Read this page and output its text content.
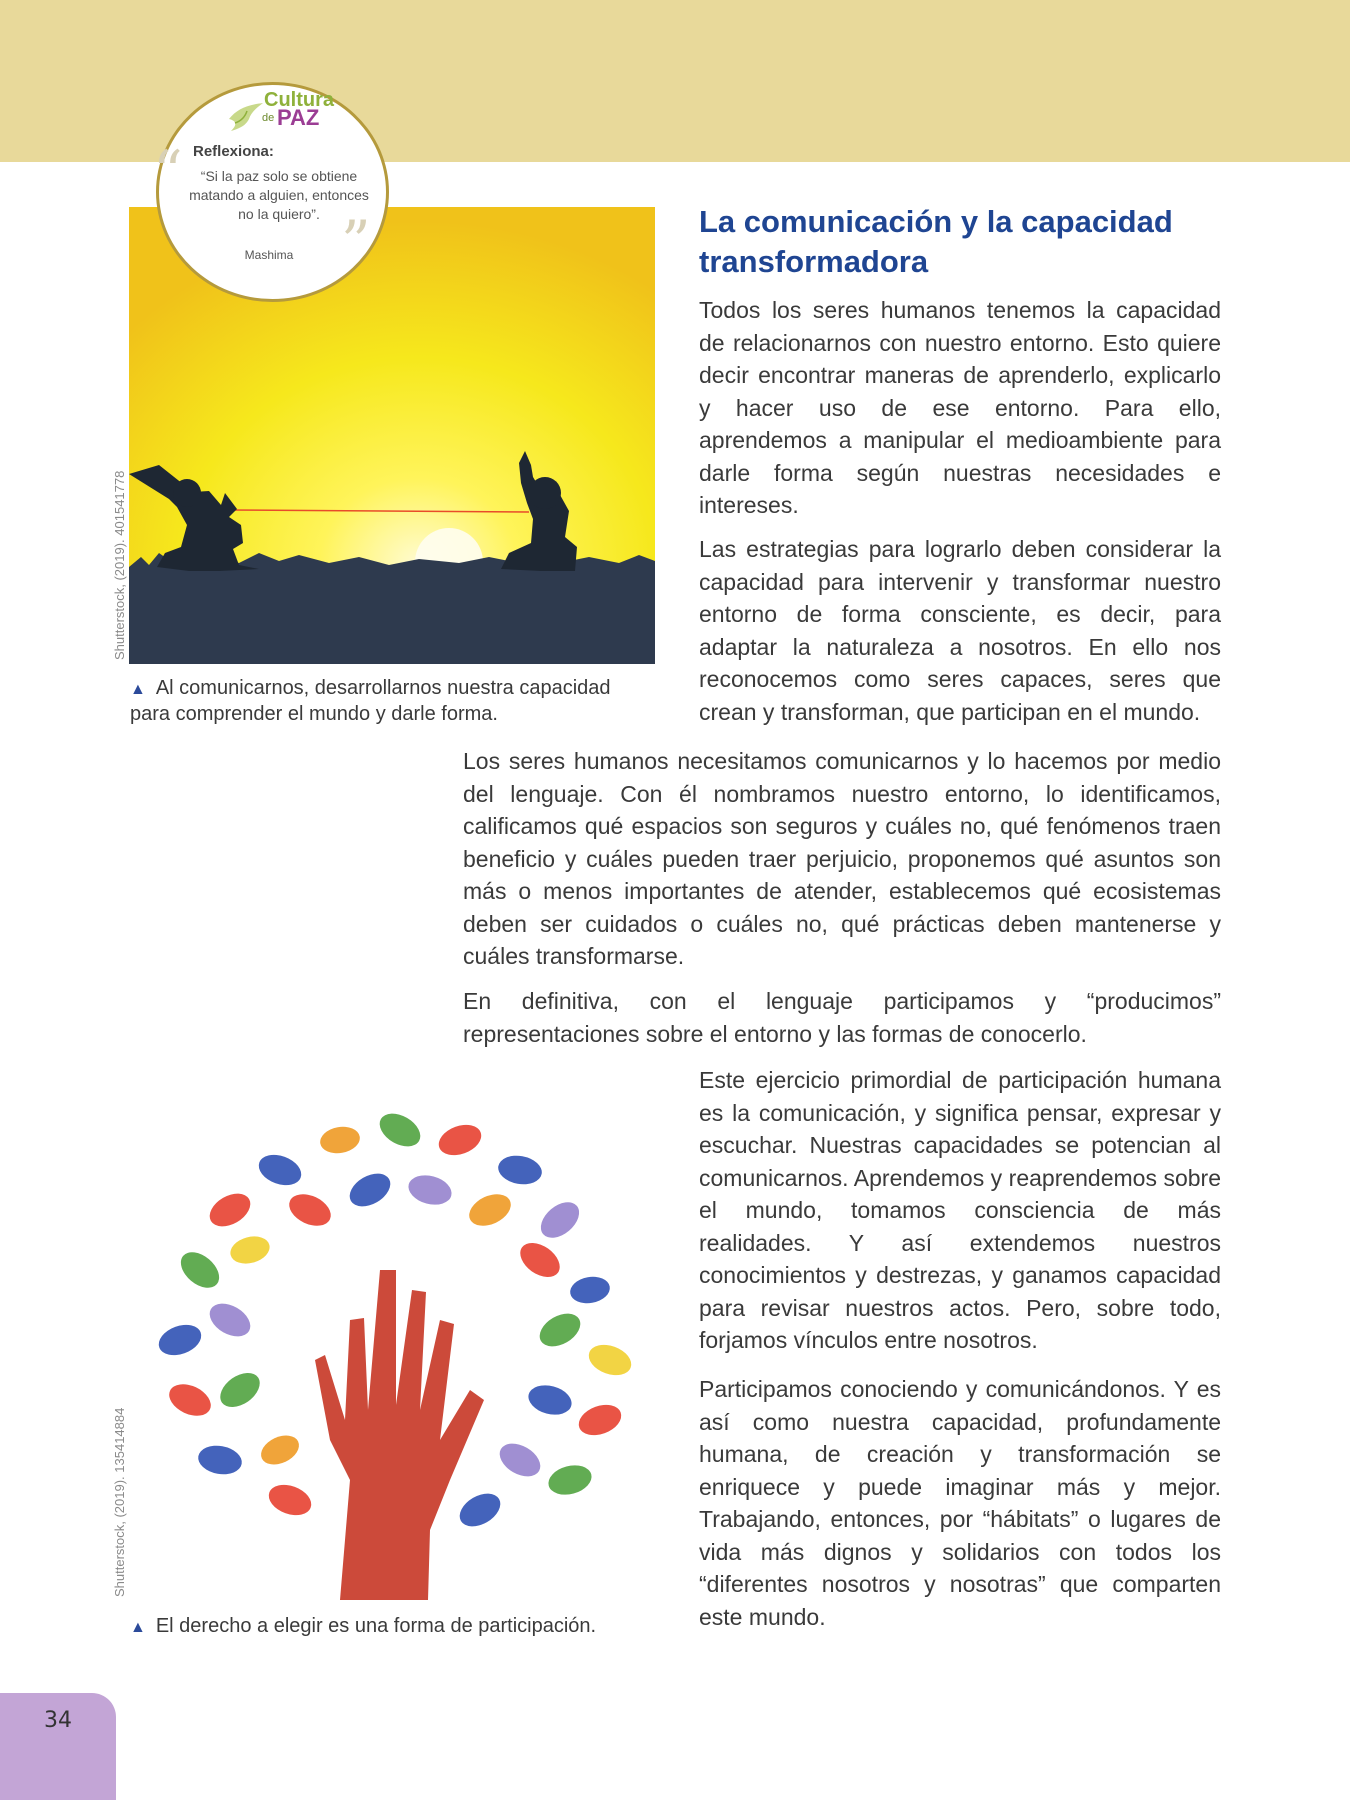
Cultura
de PAZ
Reflexiona:
“	“Si la paz solo se obtiene matando a alguien, entonces no la quiero”. ”
Mashima
Shutterstock, (2019). 401541778
▲ Al comunicarnos, desarrollarnos nuestra capacidad para comprender el mundo y darle forma.
La comunicación y la capacidad transformadora

Todos los seres humanos tenemos la capacidad de relacionarnos con nuestro entorno. Esto quiere decir encontrar maneras de aprenderlo, explicarlo y hacer uso de ese entorno. Para ello, aprendemos a manipular el medioambiente para darle forma según nuestras necesidades e intereses.

Las estrategias para lograrlo deben considerar la capacidad para intervenir y transformar nuestro entorno de forma consciente, es decir, para adaptar la naturaleza a nosotros. En ello nos reconocemos como seres capaces, seres que crean y transforman, que participan en el mundo.

Los seres humanos necesitamos comunicarnos y lo hacemos por medio del lenguaje. Con él nombramos nuestro entorno, lo identificamos, calificamos qué espacios son seguros y cuáles no, qué fenómenos traen beneficio y cuáles pueden traer perjuicio, proponemos qué asuntos son más o menos importantes de atender, establecemos qué ecosistemas deben ser cuidados o cuáles no, qué prácticas deben mantenerse y cuáles transformarse.

En definitiva, con el lenguaje participamos y “producimos” representaciones sobre el entorno y las formas de conocerlo.

Este ejercicio primordial de participación humana es la comunicación, y significa pensar, expresar y escuchar. Nuestras capacidades se potencian al comunicarnos. Aprendemos y reaprendemos sobre el mundo, tomamos consciencia de más realidades. Y así extendemos nuestros conocimientos y destrezas, y ganamos capacidad para revisar nuestros actos. Pero, sobre todo, forjamos vínculos entre nosotros.

Participamos conociendo y comunicándonos. Y es así como nuestra capacidad, profundamente humana, de creación y transformación se enriquece y puede imaginar más y mejor. Trabajando, entonces, por “hábitats” o lugares de vida más dignos y solidarios con todos los “diferentes nosotros y nosotras” que comparten este mundo.

Shutterstock, (2019). 135414884
▲ El derecho a elegir es una forma de participación.
34
